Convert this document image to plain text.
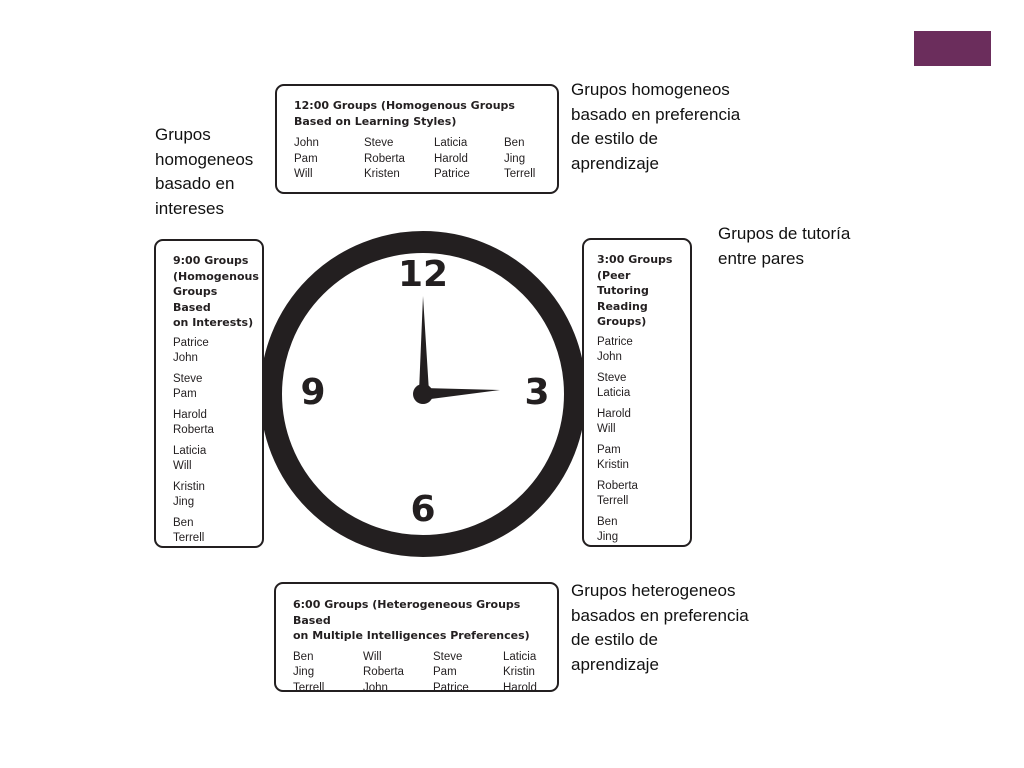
12
3
6
9
12:00 Groups (Homogenous Groups
Based on Learning Styles)
John
Pam
Will
Steve
Roberta
Kristen
Laticia
Harold
Patrice
Ben
Jing
Terrell
9:00 Groups
(Homogenous
Groups Based
on Interests)
Patrice
John
Steve
Pam
Harold
Roberta
Laticia
Will
Kristin
Jing
Ben
Terrell
3:00 Groups
(Peer Tutoring
Reading
Groups)
Patrice
John
Steve
Laticia
Harold
Will
Pam
Kristin
Roberta
Terrell
Ben
Jing
6:00 Groups (Heterogeneous Groups Based
on Multiple Intelligences Preferences)
Ben
Jing
Terrell
Will
Roberta
John
Steve
Pam
Patrice
Laticia
Kristin
Harold
Grupos homogeneos
basado en preferencia
de estilo de
aprendizaje
Grupos
homogeneos
basado en
intereses
Grupos de tutoría
entre pares
Grupos heterogeneos
basados en preferencia
de estilo de
aprendizaje
